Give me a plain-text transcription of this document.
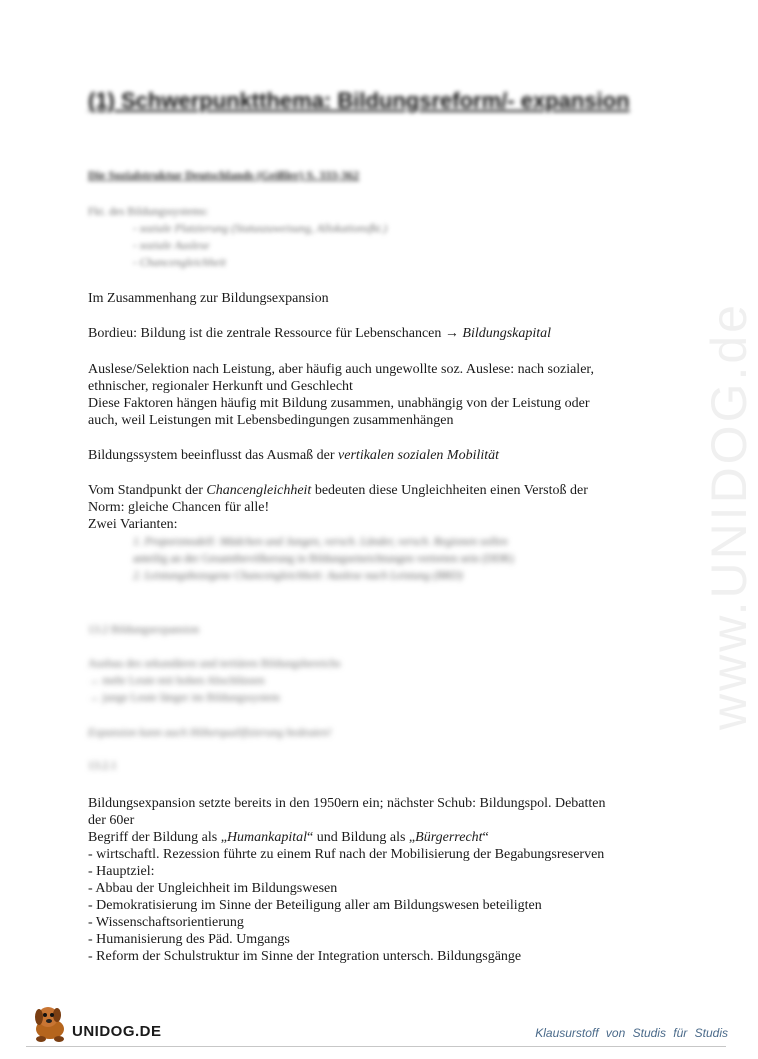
www.UNIDOG.de
(1) Schwerpunktthema: Bildungsreform/- expansion
Die Sozialstruktur Deutschlands (Geißler) S. 333-362
Fkt. des Bildungssystems:
- soziale Platzierung (Statuszuweisung, Allokationsfkt.)
- soziale Auslese
- Chancengleichheit
Im Zusammenhang zur Bildungsexpansion
Bordieu: Bildung ist die zentrale Ressource für Lebenschancen → Bildungskapital
Auslese/Selektion nach Leistung, aber häufig auch ungewollte soz. Auslese: nach sozialer,
ethnischer, regionaler Herkunft und Geschlecht
Diese Faktoren hängen häufig mit Bildung zusammen, unabhängig von der Leistung oder
auch, weil Leistungen mit Lebensbedingungen zusammenhängen
Bildungssystem beeinflusst das Ausmaß der vertikalen sozialen Mobilität
Vom Standpunkt der Chancengleichheit bedeuten diese Ungleichheiten einen Verstoß der
Norm: gleiche Chancen für alle!
Zwei Varianten:
1. Proporzmodell: Mädchen und Jungen, versch. Länder, versch. Regionen sollen
anteilig an der Gesamtbevölkerung in Bildungseinrichtungen vertreten sein (DDR)
2. Leistungsbezogene Chancengleichheit: Auslese nach Leistung (BRD)
13.2 Bildungsexpansion
Ausbau des sekundären und tertiären Bildungsbereichs
→ mehr Leute mit hohen Abschlüssen
→ junge Leute länger im Bildungssystem
Expansion kann auch Höherqualifizierung bedeuten!
13.2.1
Bildungsexpansion setzte bereits in den 1950ern ein; nächster Schub: Bildungspol. Debatten
der 60er
Begriff der Bildung als „Humankapital“ und Bildung als „Bürgerrecht“
- wirtschaftl. Rezession führte zu einem Ruf nach der Mobilisierung der Begabungsreserven
- Hauptziel:
- Abbau der Ungleichheit im Bildungswesen
- Demokratisierung im Sinne der Beteiligung aller am Bildungswesen beteiligten
- Wissenschaftsorientierung
- Humanisierung des Päd. Umgangs
- Reform der Schulstruktur im Sinne der Integration untersch. Bildungsgänge
UNIDOG.DE	Klausurstoff von Studis für Studis
